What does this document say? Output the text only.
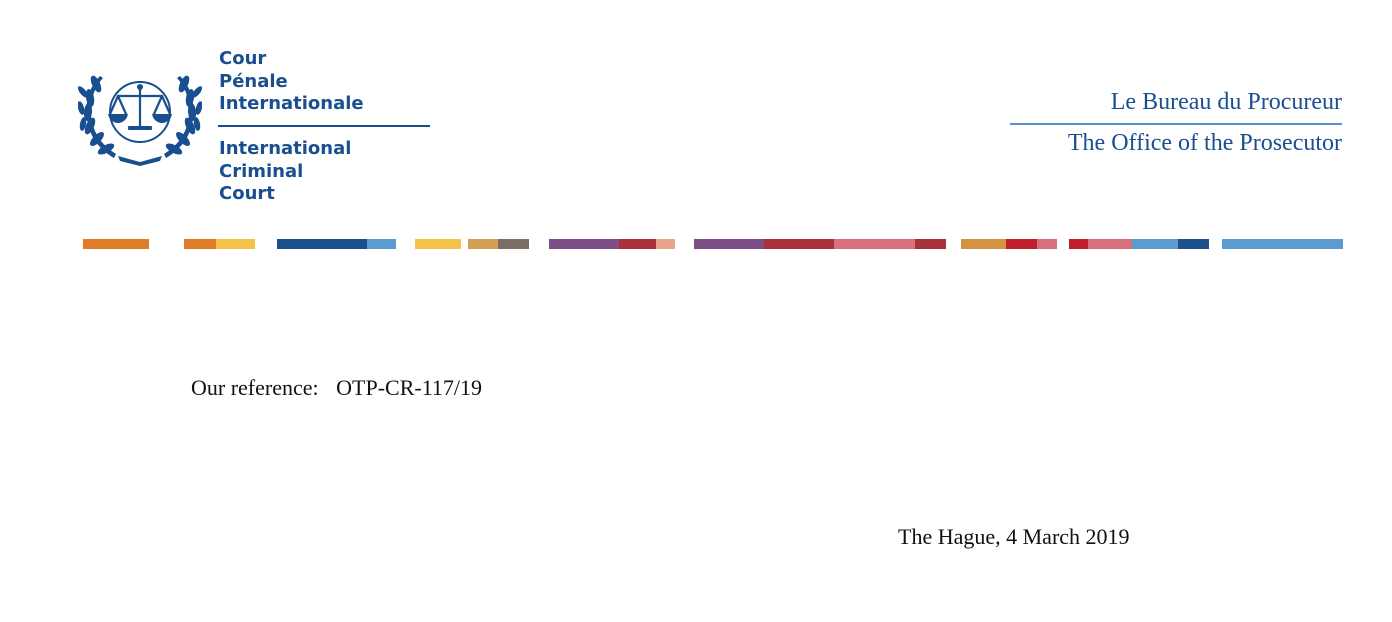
Cour
Pénale
Internationale
International
Criminal
Court
Le Bureau du Procureur
The Office of the Prosecutor
Our reference: OTP-CR-117/19
The Hague, 4 March 2019
